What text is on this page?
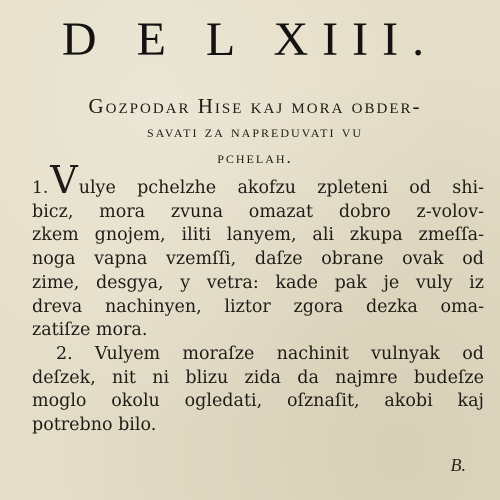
D E L XIII.
Gozpodar Hise kaj mora obder-
savati za napreduvati vu
pchelah.
1.Vulye pchelzhe akofzu zpleteni od shi-
bicz, mora zvuna omazat dobro z-volov-
zkem gnojem, iliti lanyem, ali zkupa zmeſſa-
noga vapna vzemſſi, daſze obrane ovak od
zime, desgya, y vetra: kade pak je vuly iz
dreva nachinyen, liztor zgora dezka oma-
zatiſze mora.
2. Vulyem moraſze nachinit vulnyak od
deſzek, nit ni blizu zida da najmre budeſze
moglo okolu ogledati, oſznaſit, akobi kaj
potrebno bilo.
B.
